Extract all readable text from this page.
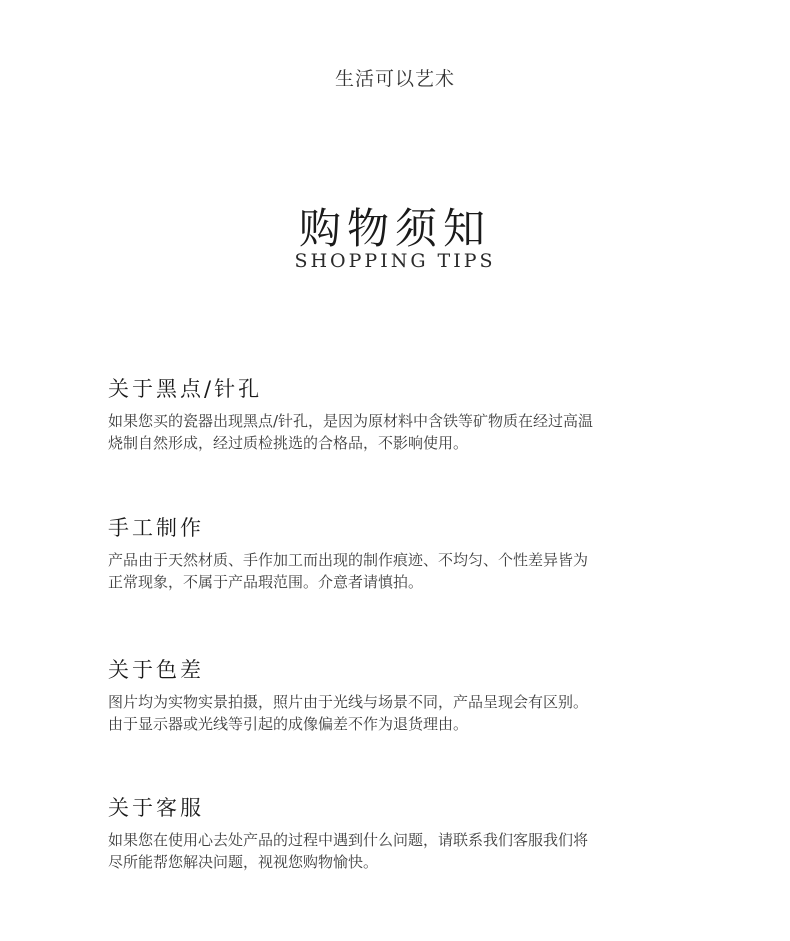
生活可以艺术
购物须知
SHOPPING TIPS
关于黑点/针孔

如果您买的瓷器出现黑点/针孔，是因为原材料中含铁等矿物质在经过高温
烧制自然形成，经过质检挑选的合格品，不影响使用。

手工制作

产品由于天然材质、手作加工而出现的制作痕迹、不均匀、个性差异皆为
正常现象，不属于产品瑕范围。介意者请慎拍。

关于色差

图片均为实物实景拍摄，照片由于光线与场景不同，产品呈现会有区别。
由于显示器或光线等引起的成像偏差不作为退货理由。

关于客服

如果您在使用心去处产品的过程中遇到什么问题，请联系我们客服我们将
尽所能帮您解决问题，视视您购物愉快。
